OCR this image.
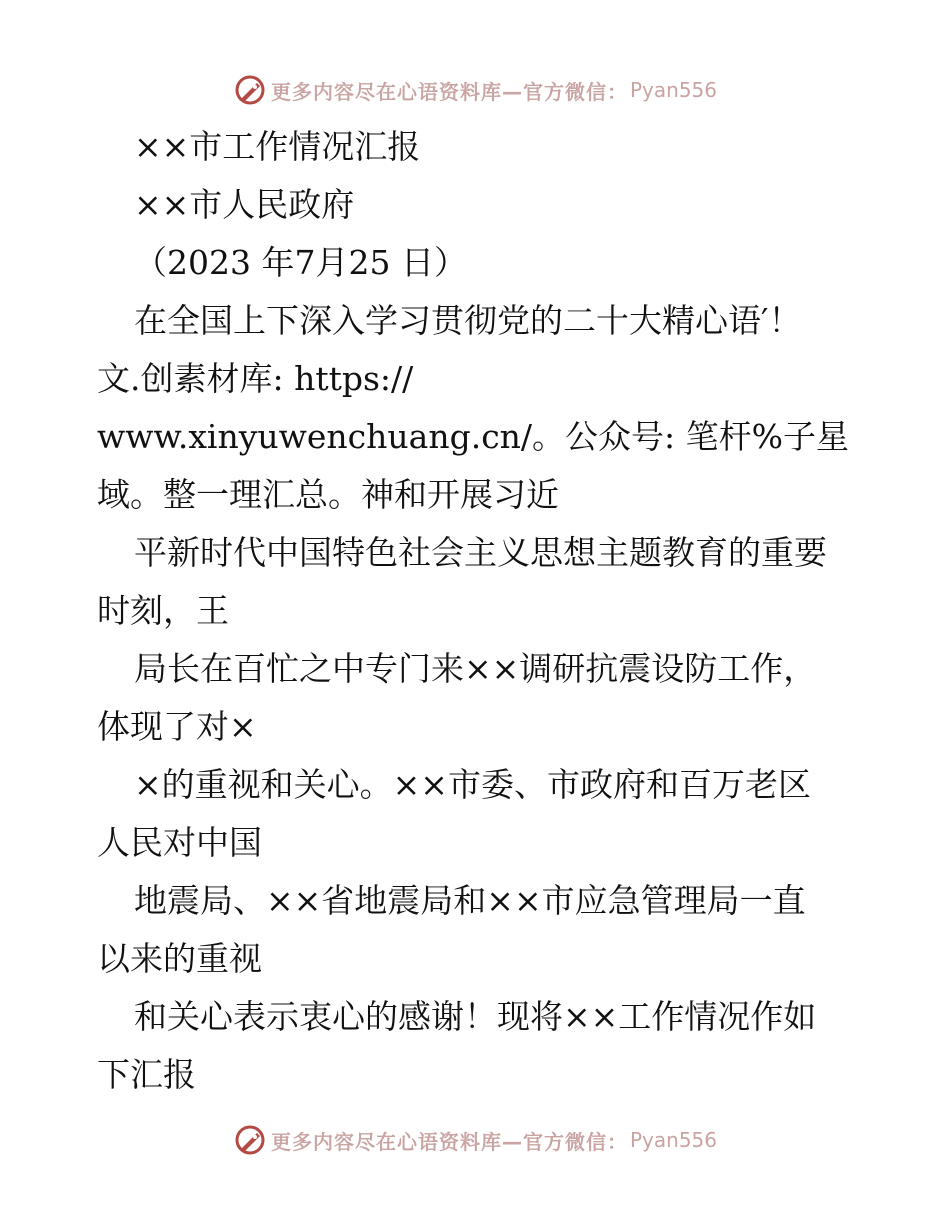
更多内容尽在心语资料库—官方微信： Pyan556
××市工作情况汇报
××市人民政府
（2023 年7月25 日）
在全国上下深入学习贯彻党的二十大精心语′！
文.创素材库: https://
www.xinyuwenchuang.cn/。公众号: 笔杆%子星
域。整一理汇总。神和开展习近
平新时代中国特色社会主义思想主题教育的重要
时刻，王
局长在百忙之中专门来××调研抗震设防工作，
体现了对×
×的重视和关心。××市委、市政府和百万老区
人民对中国
地震局、××省地震局和××市应急管理局一直
以来的重视
和关心表示衷心的感谢！现将××工作情况作如
下汇报
更多内容尽在心语资料库—官方微信： Pyan556
